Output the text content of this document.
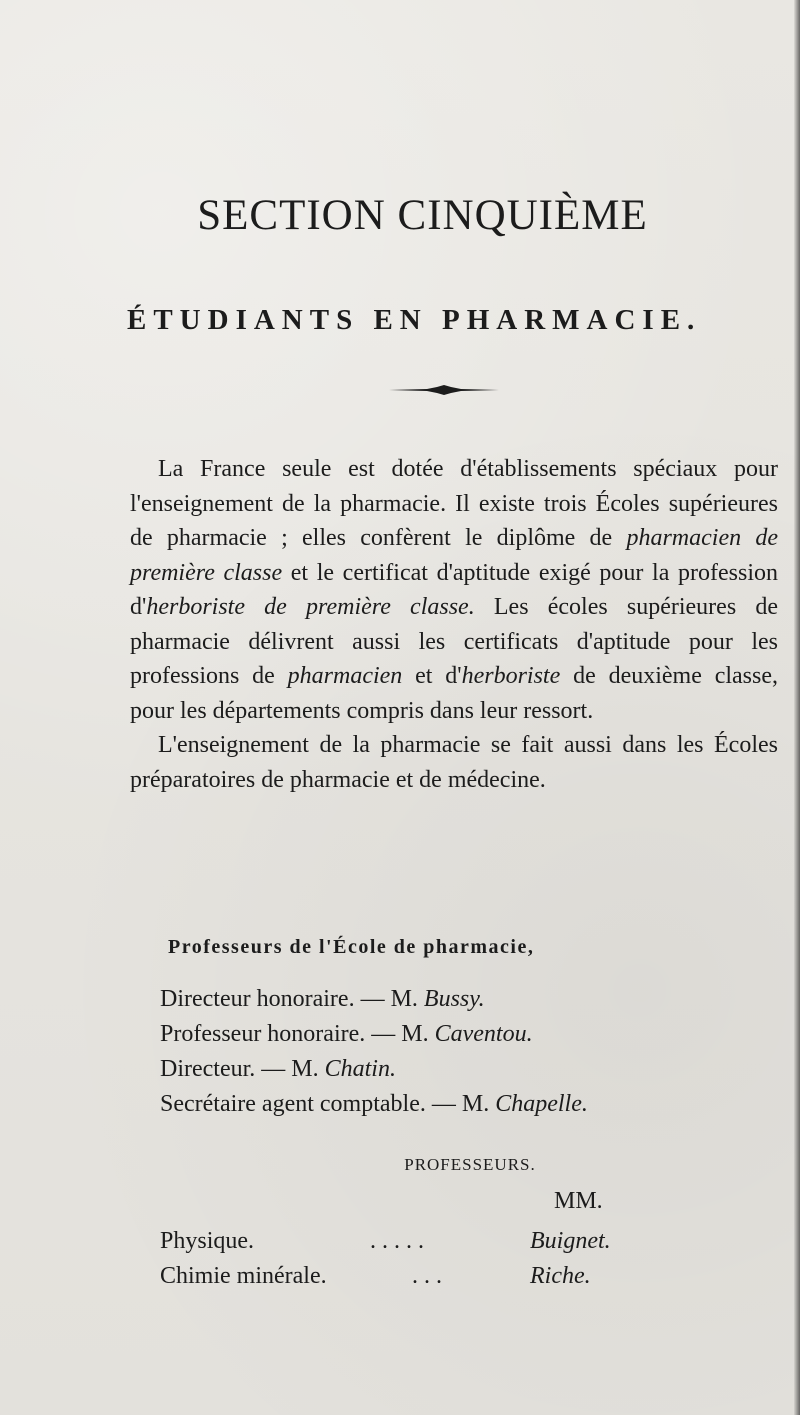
SECTION CINQUIÈME
ÉTUDIANTS EN PHARMACIE.

La France seule est dotée d'établissements spéciaux pour l'enseignement de la pharmacie. Il existe trois Écoles supérieures de pharmacie ; elles confèrent le diplôme de pharmacien de première classe et le certificat d'aptitude exigé pour la profession d'herboriste de première classe. Les écoles supérieures de pharmacie délivrent aussi les certificats d'aptitude pour les professions de pharmacien et d'herboriste de deuxième classe, pour les départements compris dans leur ressort.

L'enseignement de la pharmacie se fait aussi dans les Écoles préparatoires de pharmacie et de médecine.

Professeurs de l'École de pharmacie,
Directeur honoraire. — M. Bussy.
Professeur honoraire. — M. Caventou.
Directeur. — M. Chatin.
Secrétaire agent comptable. — M. Chapelle.

PROFESSEURS.

MM.

Physique.	.....	Buignet.
Chimie minérale.	...	Riche.
